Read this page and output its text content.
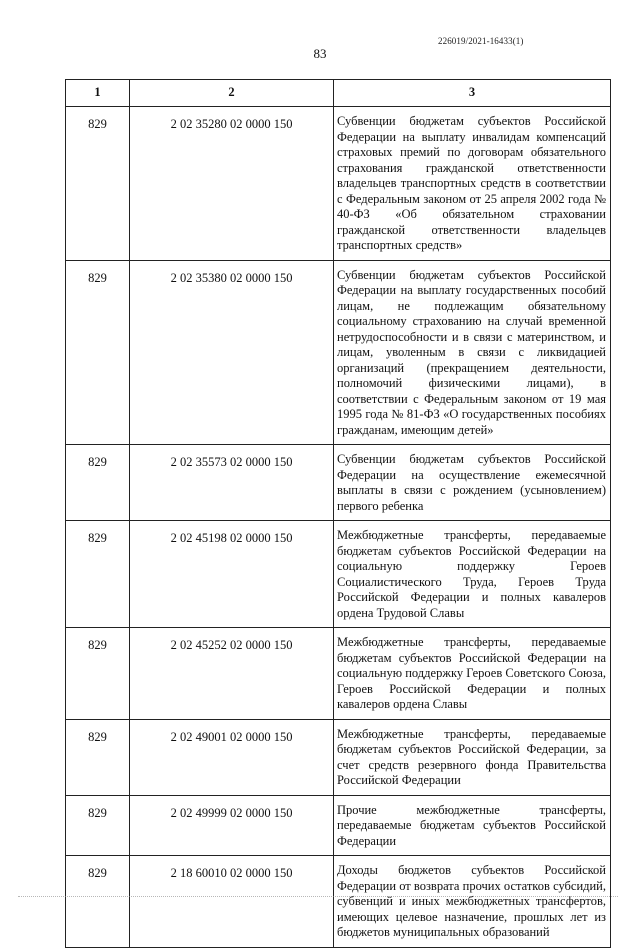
226019/2021-16433(1)
83
1	2	3
829	2 02 35280 02 0000 150	Субвенции бюджетам субъектов Российской Федерации на выплату инвалидам компенсаций страховых премий по договорам обязательного страхования гражданской ответственности владельцев транспортных средств в соответствии с Федеральным законом от 25 апреля 2002 года № 40-ФЗ «Об обязательном страховании гражданской ответственности владельцев транспортных средств»
829	2 02 35380 02 0000 150	Субвенции бюджетам субъектов Российской Федерации на выплату государственных пособий лицам, не подлежащим обязательному социальному страхованию на случай временной нетрудоспособности и в связи с материнством, и лицам, уволенным в связи с ликвидацией организаций (прекращением деятельности, полномочий физическими лицами), в соответствии с Федеральным законом от 19 мая 1995 года № 81-ФЗ «О государственных пособиях гражданам, имеющим детей»
829	2 02 35573 02 0000 150	Субвенции бюджетам субъектов Российской Федерации на осуществление ежемесячной выплаты в связи с рождением (усыновлением) первого ребенка
829	2 02 45198 02 0000 150	Межбюджетные трансферты, передаваемые бюджетам субъектов Российской Федерации на социальную поддержку Героев Социалистического Труда, Героев Труда Российской Федерации и полных кавалеров ордена Трудовой Славы
829	2 02 45252 02 0000 150	Межбюджетные трансферты, передаваемые бюджетам субъектов Российской Федерации на социальную поддержку Героев Советского Союза, Героев Российской Федерации и полных кавалеров ордена Славы
829	2 02 49001 02 0000 150	Межбюджетные трансферты, передаваемые бюджетам субъектов Российской Федерации, за счет средств резервного фонда Правительства Российской Федерации
829	2 02 49999 02 0000 150	Прочие межбюджетные трансферты, передаваемые бюджетам субъектов Российской Федерации
829	2 18 60010 02 0000 150	Доходы бюджетов субъектов Российской Федерации от возврата прочих остатков субсидий, субвенций и иных межбюджетных трансфертов, имеющих целевое назначение, прошлых лет из бюджетов муниципальных образований
